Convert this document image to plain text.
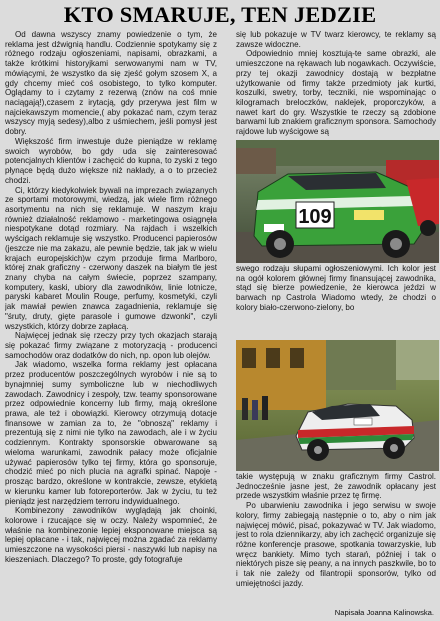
KTO SMARUJE, TEN JEDZIE

Od dawna wszyscy znamy powiedzenie o tym, że reklama jest dźwignią handlu. Codziennie spotykamy się z różnego rodzaju ogłoszeniami, napisami, obrazkami, a także krótkimi historyjkami serwowanymi nam w TV, mówiącymi, że wszystko da się zjeść gołym szosem X, a gdy chcemy mieć coś osobistego, to tylko komputer. Oglądamy to i czytamy z rezerwą (znów na coś mnie naciągają!),czasem z irytacją, gdy przerywa jest film w najciekawszym momencie,( aby pokazać nam, czym teraz wszyscy myją sedesy),albo z uśmiechem, jeśli pomysł jest dobry.

Większość firm inwestuje duże pieniądze w reklamę swoich wyrobów, bo gdy uda się zainteresować potencjalnych klientów i zachęcić do kupna, to zyski z tego płynące będą dużo większe niż nakłady, a o to przecież chodzi.

Ci, którzy kiedykolwiek bywali na imprezach związanych ze sportami motorowymi, wiedzą, jak wiele firm różnego asortymentu na nich się reklamuje. W naszym kraju również działalność reklamowo - marketingowa osiągnęła niespotykane dotąd rozmiary. Na rajdach i wszelkich wyścigach reklamuje się wszystko. Producenci papierosów (jeszcze nie ma zakazu, ale pewnie będzie, tak jak w wielu krajach europejskich)w czym przoduje firma Marlboro, której znak graficzny - czerwony daszek na białym tle jest znany chyba na całym świecie, poprzez szampany, komputery, kaski, ubiory dla zawodników, linie lotnicze, paryski kabaret Moulin Rouge, perfumy, kosmetyki, czyli jak mawiał pewien znawca zagadnienia, reklamuje się "śruty, druty, gięte parasole i gumowe dzwonki", czyli wszystkich, którzy dobrze zapłacą.

Najwięcej jednak się rzeczy przy tych okazjach starają się pokazać firmy związane z motoryzacją - producenci samochodów oraz dodatków do nich, np. opon lub olejów.

Jak wiadomo, wszelka forma reklamy jest opłacana przez producentów poszczególnych wyrobów i nie są to bynajmniej sumy symboliczne lub w niechodliwych zawodach. Zawodnicy i zespoły, tzw. teamy sponsorowane przez odpowiednie koncerny lub firmy, mają określone prawa, ale też i obowiązki. Kierowcy otrzymują dotacje finansowe w zamian za to, że "obnoszą" reklamy i prezentują się z nimi nie tylko na zawodach, ale i w życiu codziennym. Kontrakty sponsorskie obwarowane są wieloma warunkami, zawodnik pałacy może oficjalnie używać papierosów tylko tej firmy, która go sponsoruje, chodzić mieć po nich plucia na agrafki spinać. Napoje - prosząc bardzo, określone w kontrakcie, zewsze, etykietą w kierunku kamer lub fotoreporterów. Jak w życiu, tu też pieniądz jest narzędziem terroru indywidualnego.

Kombinezony zawodników wyglądają jak choinki, kolorowe i rzucające się w oczy. Należy wspomnieć, że właśnie na kombinezonie lepiej eksponowane miejsca są lepiej opłacane - i tak, najwięcej można zgadać za reklamy umieszczone na wysokości piersi - naszywki lub napisy na kieszeniach. Dlaczego? To proste, gdy fotografuje

się lub pokazuje w TV twarz kierowcy, te reklamy są zawsze widoczne.

Odpowiednio mniej kosztują-te same obrazki, ale umieszczone na rękawach lub nogawkach. Oczywiście, przy tej okazji zawodnicy dostają w bezpłatne użytkowanie od firmy także przedmioty jak kurtki, koszulki, swetry, torby, teczniki, nie wspominając o kilogramach breloczków, naklejek, proporczyków, a nawet kart do gry. Wszystkie te rzeczy są zdobione barwami lub znakiem graficznym sponsora. Samochody rajdowe lub wyścigowe są

109

swego rodzaju słupami ogłoszeniowymi. Ich kolor jest na ogół kolorem głównej firmy finansującej zawodnika, stąd się bierze powiedzenie, że kierowca jeździ w barwach np Castrola Wiadomo wtedy, że chodzi o kolory biało-czerwono-zielony, bo

takie występują w znaku graficznym firmy Castrol. Jednocześnie jasne jest, że zawodnik opłacany jest przede wszystkim właśnie przez tę firmę.

Po ubarwieniu zawodnika i jego serwisu w swoje kolory, firmy zabiegają następnie o to, aby o nim jak najwięcej mówić, pisać, pokazywać w TV. Jak wiadomo, jest to rola dziennikarzy, aby ich zachęcić organizuje się różne konferencje prasowe, spotkania towarzyskie, lub wręcz bankiety. Mimo tych starań, później i tak o niektórych pisze się peany, a na innych paszkwile, bo to i tak nie zależy od filantropii sponsorów, tylko od umiejętności jazdy.

Napisała Joanna Kalinowska.
